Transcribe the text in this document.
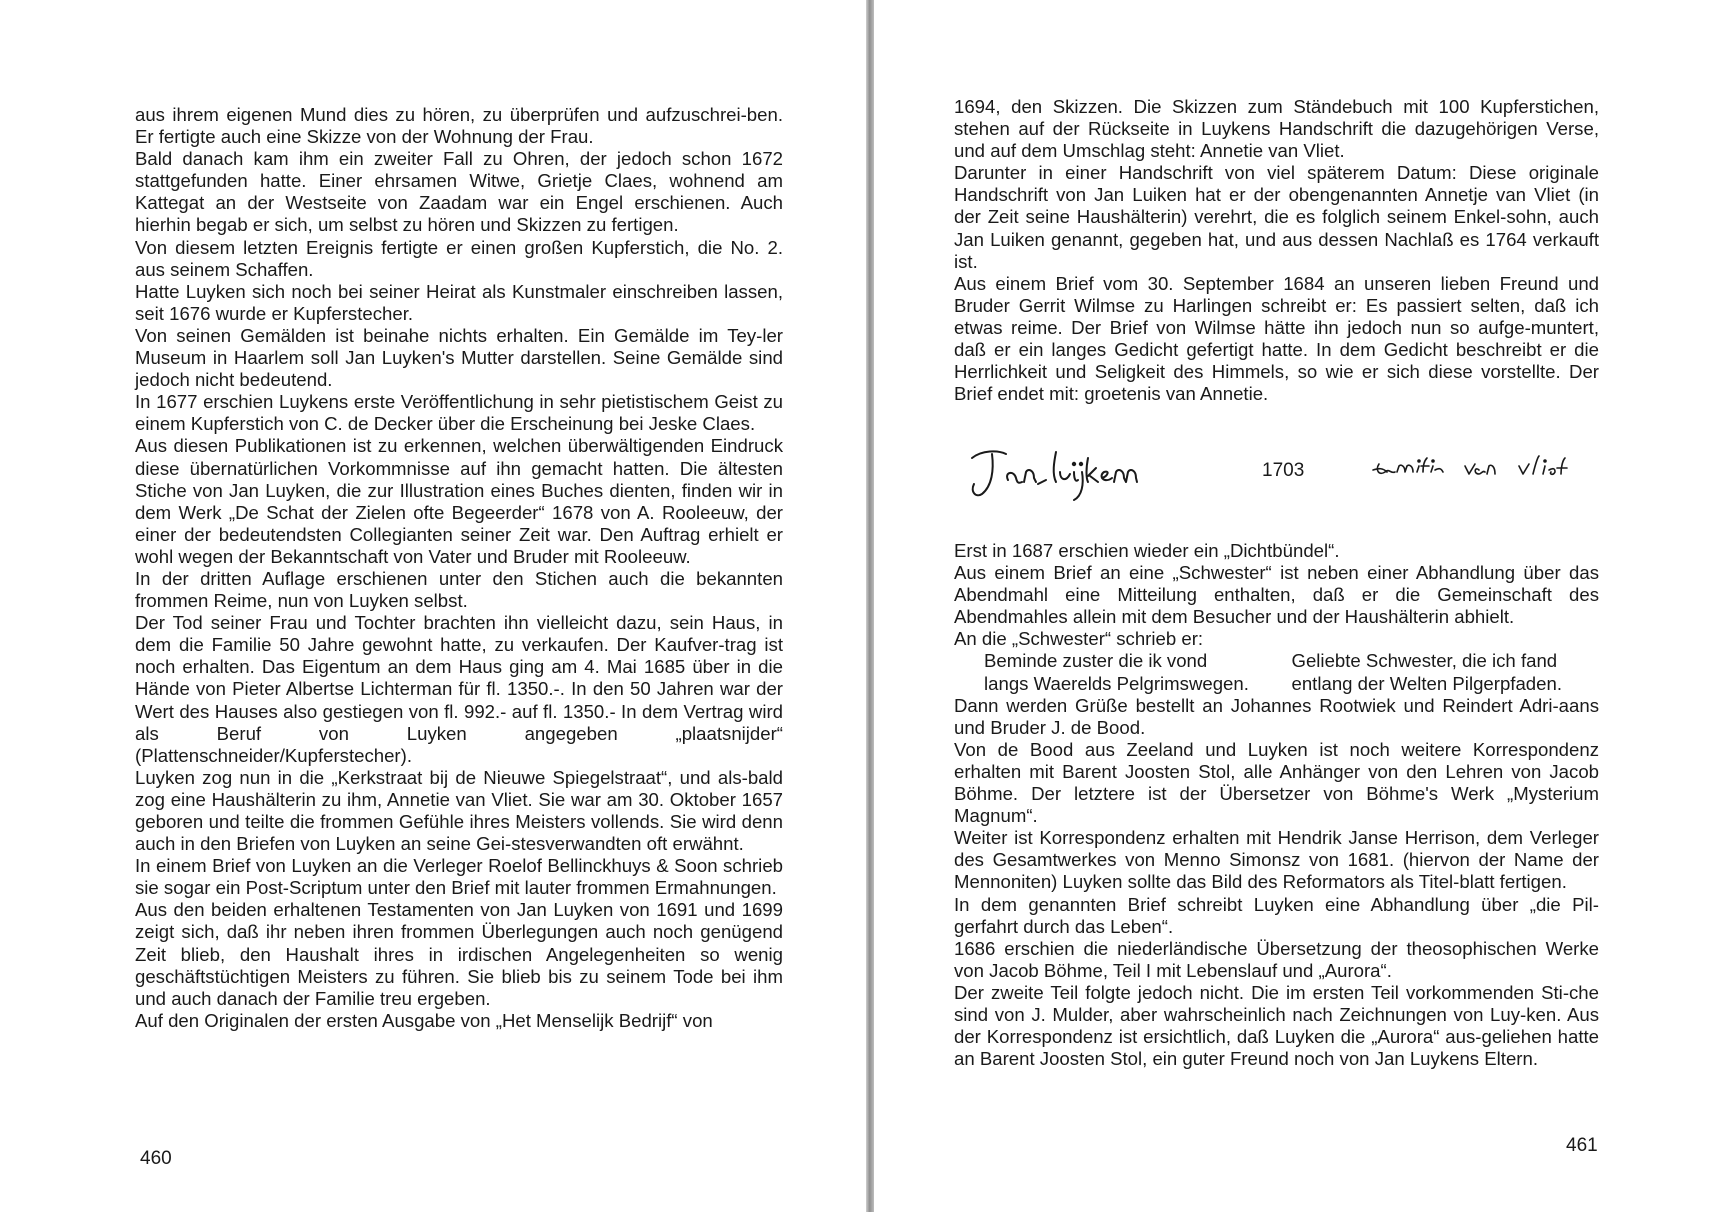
aus ihrem eigenen Mund dies zu hören, zu überprüfen und aufzuschrei-ben. Er fertigte auch eine Skizze von der Wohnung der Frau.

Bald danach kam ihm ein zweiter Fall zu Ohren, der jedoch schon 1672 stattgefunden hatte. Einer ehrsamen Witwe, Grietje Claes, wohnend am Kattegat an der Westseite von Zaadam war ein Engel erschienen. Auch hierhin begab er sich, um selbst zu hören und Skizzen zu fertigen.

Von diesem letzten Ereignis fertigte er einen großen Kupferstich, die No. 2. aus seinem Schaffen.

Hatte Luyken sich noch bei seiner Heirat als Kunstmaler einschreiben lassen, seit 1676 wurde er Kupferstecher.

Von seinen Gemälden ist beinahe nichts erhalten. Ein Gemälde im Tey-ler Museum in Haarlem soll Jan Luyken's Mutter darstellen. Seine Gemälde sind jedoch nicht bedeutend.

In 1677 erschien Luykens erste Veröffentlichung in sehr pietistischem Geist zu einem Kupferstich von C. de Decker über die Erscheinung bei Jeske Claes.

Aus diesen Publikationen ist zu erkennen, welchen überwältigenden Eindruck diese übernatürlichen Vorkommnisse auf ihn gemacht hatten. Die ältesten Stiche von Jan Luyken, die zur Illustration eines Buches dienten, finden wir in dem Werk „De Schat der Zielen ofte Begeerder“ 1678 von A. Rooleeuw, der einer der bedeutendsten Collegianten seiner Zeit war. Den Auftrag erhielt er wohl wegen der Bekanntschaft von Vater und Bruder mit Rooleeuw.

In der dritten Auflage erschienen unter den Stichen auch die bekannten frommen Reime, nun von Luyken selbst.

Der Tod seiner Frau und Tochter brachten ihn vielleicht dazu, sein Haus, in dem die Familie 50 Jahre gewohnt hatte, zu verkaufen. Der Kaufver-trag ist noch erhalten. Das Eigentum an dem Haus ging am 4. Mai 1685 über in die Hände von Pieter Albertse Lichterman für fl. 1350.-. In den 50 Jahren war der Wert des Hauses also gestiegen von fl. 992.- auf fl. 1350.- In dem Vertrag wird als Beruf von Luyken angegeben „plaatsnijder“ (Plattenschneider/Kupferstecher).

Luyken zog nun in die „Kerkstraat bij de Nieuwe Spiegelstraat“, und als-bald zog eine Haushälterin zu ihm, Annetie van Vliet. Sie war am 30. Oktober 1657 geboren und teilte die frommen Gefühle ihres Meisters vollends. Sie wird denn auch in den Briefen von Luyken an seine Gei-stesverwandten oft erwähnt.

In einem Brief von Luyken an die Verleger Roelof Bellinckhuys & Soon schrieb sie sogar ein Post-Scriptum unter den Brief mit lauter frommen Ermahnungen.

Aus den beiden erhaltenen Testamenten von Jan Luyken von 1691 und 1699 zeigt sich, daß ihr neben ihren frommen Überlegungen auch noch genügend Zeit blieb, den Haushalt ihres in irdischen Angelegenheiten so wenig geschäftstüchtigen Meisters zu führen. Sie blieb bis zu seinem Tode bei ihm und auch danach der Familie treu ergeben.

Auf den Originalen der ersten Ausgabe von „Het Menselijk Bedrijf“ von

460

1694, den Skizzen. Die Skizzen zum Ständebuch mit 100 Kupferstichen, stehen auf der Rückseite in Luykens Handschrift die dazugehörigen Verse, und auf dem Umschlag steht: Annetie van Vliet.

Darunter in einer Handschrift von viel späterem Datum: Diese originale Handschrift von Jan Luiken hat er der obengenannten Annetje van Vliet (in der Zeit seine Haushälterin) verehrt, die es folglich seinem Enkel-sohn, auch Jan Luiken genannt, gegeben hat, und aus dessen Nachlaß es 1764 verkauft ist.

Aus einem Brief vom 30. September 1684 an unseren lieben Freund und Bruder Gerrit Wilmse zu Harlingen schreibt er: Es passiert selten, daß ich etwas reime. Der Brief von Wilmse hätte ihn jedoch nun so aufge-muntert, daß er ein langes Gedicht gefertigt hatte. In dem Gedicht beschreibt er die Herrlichkeit und Seligkeit des Himmels, so wie er sich diese vorstellte. Der Brief endet mit: groetenis van Annetie.

1703

Erst in 1687 erschien wieder ein „Dichtbündel“.

Aus einem Brief an eine „Schwester“ ist neben einer Abhandlung über das Abendmahl eine Mitteilung enthalten, daß er die Gemeinschaft des Abendmahles allein mit dem Besucher und der Haushälterin abhielt.

An die „Schwester“ schrieb er:

Beminde zuster die ik vond
langs Waerelds Pelgrimswegen.
Geliebte Schwester, die ich fand
entlang der Welten Pilgerpfaden.

Dann werden Grüße bestellt an Johannes Rootwiek und Reindert Adri-aans und Bruder J. de Bood.

Von de Bood aus Zeeland und Luyken ist noch weitere Korrespondenz erhalten mit Barent Joosten Stol, alle Anhänger von den Lehren von Jacob Böhme. Der letztere ist der Übersetzer von Böhme's Werk „Mysterium Magnum“.

Weiter ist Korrespondenz erhalten mit Hendrik Janse Herrison, dem Verleger des Gesamtwerkes von Menno Simonsz von 1681. (hiervon der Name der Mennoniten) Luyken sollte das Bild des Reformators als Titel-blatt fertigen.

In dem genannten Brief schreibt Luyken eine Abhandlung über „die Pil-gerfahrt durch das Leben“.

1686 erschien die niederländische Übersetzung der theosophischen Werke von Jacob Böhme, Teil I mit Lebenslauf und „Aurora“.

Der zweite Teil folgte jedoch nicht. Die im ersten Teil vorkommenden Sti-che sind von J. Mulder, aber wahrscheinlich nach Zeichnungen von Luy-ken. Aus der Korrespondenz ist ersichtlich, daß Luyken die „Aurora“ aus-geliehen hatte an Barent Joosten Stol, ein guter Freund noch von Jan Luykens Eltern.

461
